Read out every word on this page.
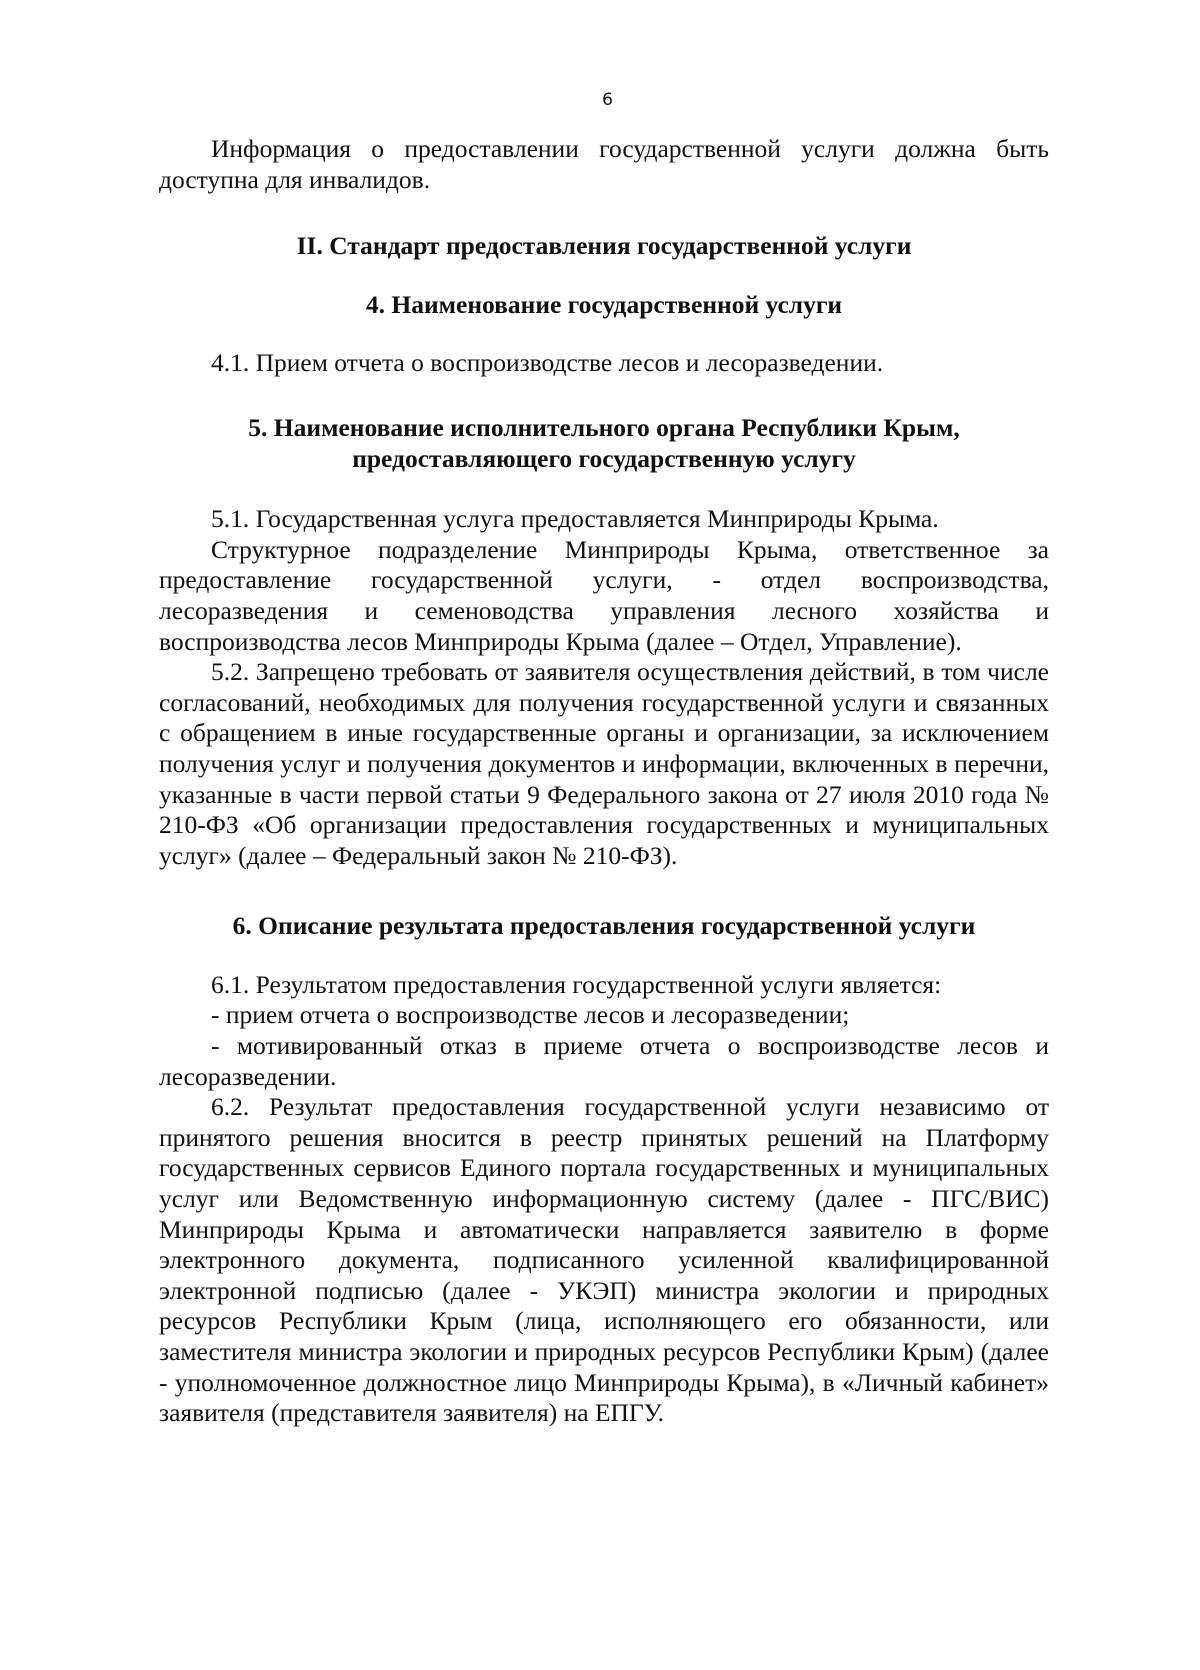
6

Информация о предоставлении государственной услуги должна быть доступна для инвалидов.

II. Стандарт предоставления государственной услуги
4. Наименование государственной услуги

4.1. Прием отчета о воспроизводстве лесов и лесоразведении.

5. Наименование исполнительного органа Республики Крым,
предоставляющего государственную услугу

5.1. Государственная услуга предоставляется Минприроды Крыма.

Структурное подразделение Минприроды Крыма, ответственное за предоставление государственной услуги, - отдел воспроизводства, лесоразведения и семеноводства управления лесного хозяйства и воспроизводства лесов Минприроды Крыма (далее – Отдел, Управление).

5.2. Запрещено требовать от заявителя осуществления действий, в том числе согласований, необходимых для получения государственной услуги и связанных с обращением в иные государственные органы и организации, за исключением получения услуг и получения документов и информации, включенных в перечни, указанные в части первой статьи 9 Федерального закона от 27 июля 2010 года № 210-ФЗ «Об организации предоставления государственных и муниципальных услуг» (далее – Федеральный закон № 210-ФЗ).

6. Описание результата предоставления государственной услуги

6.1. Результатом предоставления государственной услуги является:

- прием отчета о воспроизводстве лесов и лесоразведении;

- мотивированный отказ в приеме отчета о воспроизводстве лесов и лесоразведении.

6.2. Результат предоставления государственной услуги независимо от принятого решения вносится в реестр принятых решений на Платформу государственных сервисов Единого портала государственных и муниципальных услуг или Ведомственную информационную систему (далее - ПГС/ВИС) Минприроды Крыма и автоматически направляется заявителю в форме электронного документа, подписанного усиленной квалифицированной электронной подписью (далее - УКЭП) министра экологии и природных ресурсов Республики Крым (лица, исполняющего его обязанности, или заместителя министра экологии и природных ресурсов Республики Крым) (далее - уполномоченное должностное лицо Минприроды Крыма), в «Личный кабинет» заявителя (представителя заявителя) на ЕПГУ.
